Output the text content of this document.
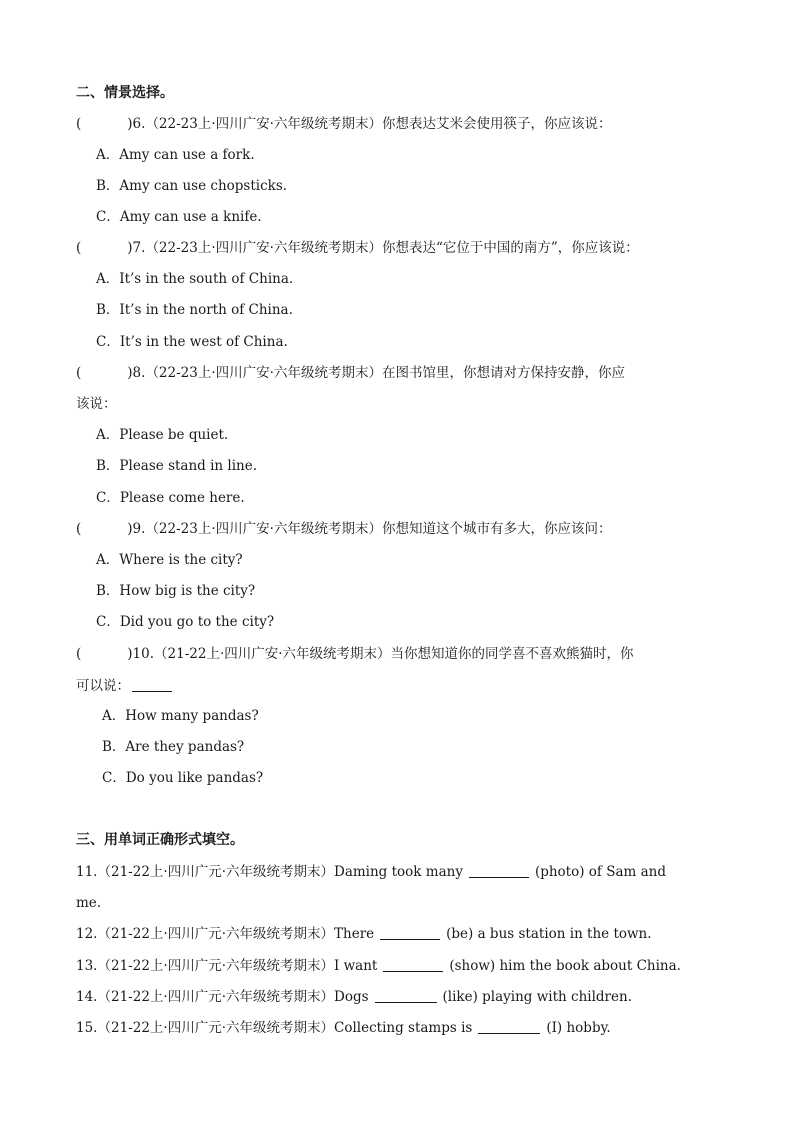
二、情景选择。
(	)6.（22-23上·四川广安·六年级统考期末）你想表达艾米会使用筷子，你应该说：
A．Amy can use a fork.
B．Amy can use chopsticks.
C．Amy can use a knife.
(	)7.（22-23上·四川广安·六年级统考期末）你想表达“它位于中国的南方”，你应该说：
A．It’s in the south of China.
B．It’s in the north of China.
C．It’s in the west of China.
(	)8.（22-23上·四川广安·六年级统考期末）在图书馆里，你想请对方保持安静，你应
该说：
A．Please be quiet.
B．Please stand in line.
C．Please come here.
(	)9.（22-23上·四川广安·六年级统考期末）你想知道这个城市有多大，你应该问：
A．Where is the city?
B．How big is the city?
C．Did you go to the city?
(	)10.（21-22上·四川广安·六年级统考期末）当你想知道你的同学喜不喜欢熊猫时，你
可以说：
A．How many pandas?
B．Are they pandas?
C．Do you like pandas?
三、用单词正确形式填空。
11.（21-22上·四川广元·六年级统考期末）Daming took many	(photo) of Sam and
me.
12.（21-22上·四川广元·六年级统考期末）There	(be) a bus station in the town.
13.（21-22上·四川广元·六年级统考期末）I want	(show) him the book about China.
14.（21-22上·四川广元·六年级统考期末）Dogs	(like) playing with children.
15.（21-22上·四川广元·六年级统考期末）Collecting stamps is	(I) hobby.
